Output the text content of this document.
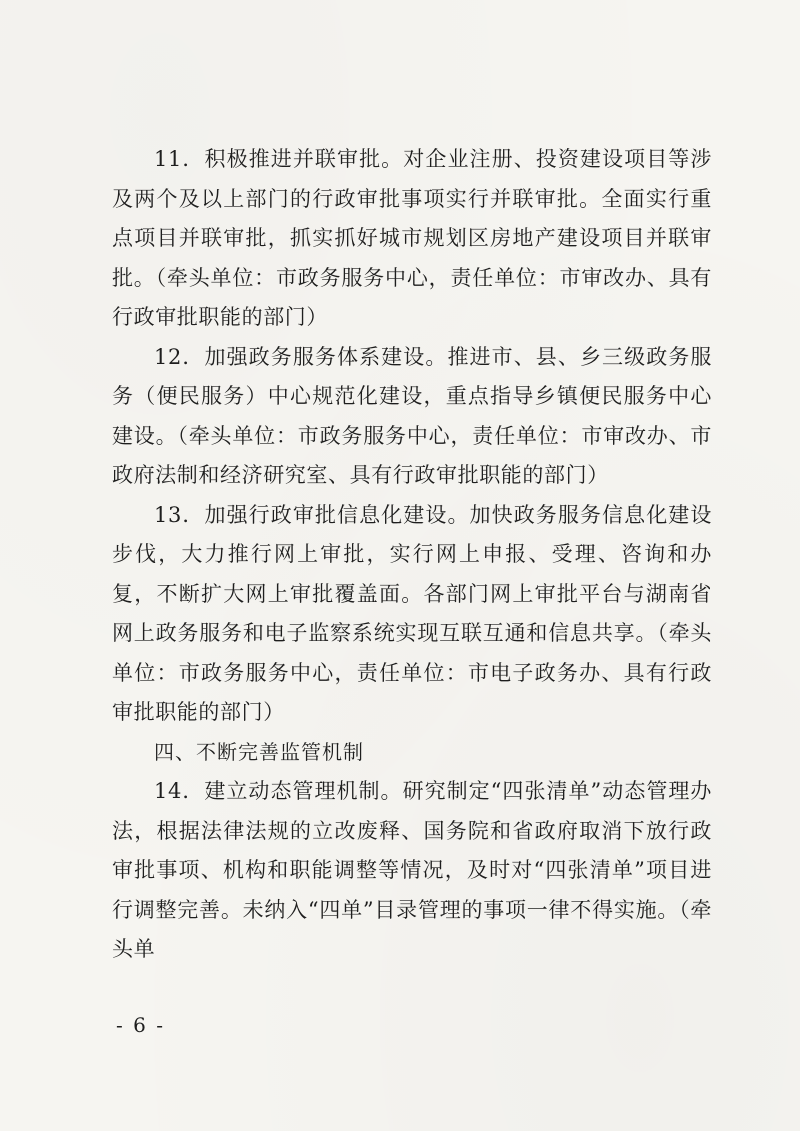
11．积极推进并联审批。对企业注册、投资建设项目等涉及两个及以上部门的行政审批事项实行并联审批。全面实行重点项目并联审批，抓实抓好城市规划区房地产建设项目并联审批。（牵头单位：市政务服务中心，责任单位：市审改办、具有行政审批职能的部门）

12．加强政务服务体系建设。推进市、县、乡三级政务服务（便民服务）中心规范化建设，重点指导乡镇便民服务中心建设。（牵头单位：市政务服务中心，责任单位：市审改办、市政府法制和经济研究室、具有行政审批职能的部门）

13．加强行政审批信息化建设。加快政务服务信息化建设步伐，大力推行网上审批，实行网上申报、受理、咨询和办复，不断扩大网上审批覆盖面。各部门网上审批平台与湖南省网上政务服务和电子监察系统实现互联互通和信息共享。（牵头单位：市政务服务中心，责任单位：市电子政务办、具有行政审批职能的部门）

四、不断完善监管机制

14．建立动态管理机制。研究制定“四张清单”动态管理办法，根据法律法规的立改废释、国务院和省政府取消下放行政审批事项、机构和职能调整等情况，及时对“四张清单”项目进行调整完善。未纳入“四单”目录管理的事项一律不得实施。（牵头单

- 6 -
